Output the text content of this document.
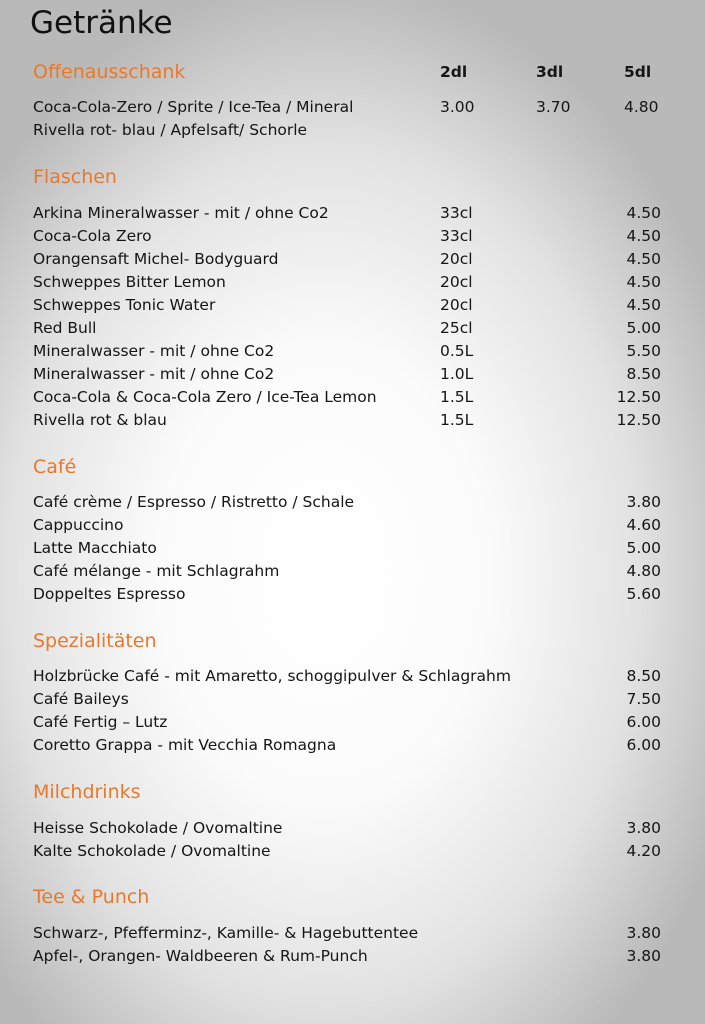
Getränke
Offenausschank	2dl	3dl	5dl
Coca-Cola-Zero / Sprite / Ice-Tea / Mineral	3.00	3.70	4.80
Rivella rot- blau / Apfelsaft/ Schorle
Flaschen
Arkina Mineralwasser - mit / ohne Co2	33cl	4.50
Coca-Cola Zero	33cl	4.50
Orangensaft Michel- Bodyguard	20cl	4.50
Schweppes Bitter Lemon	20cl	4.50
Schweppes Tonic Water	20cl	4.50
Red Bull	25cl	5.00
Mineralwasser - mit / ohne Co2	0.5L	5.50
Mineralwasser - mit / ohne Co2	1.0L	8.50
Coca-Cola & Coca-Cola Zero / Ice-Tea Lemon	1.5L	12.50
Rivella rot & blau	1.5L	12.50
Café
Café crème / Espresso / Ristretto / Schale	3.80
Cappuccino	4.60
Latte Macchiato	5.00
Café mélange - mit Schlagrahm	4.80
Doppeltes Espresso	5.60
Spezialitäten
Holzbrücke Café - mit Amaretto, schoggipulver & Schlagrahm	8.50
Café Baileys	7.50
Café Fertig – Lutz	6.00
Coretto Grappa - mit Vecchia Romagna	6.00
Milchdrinks
Heisse Schokolade / Ovomaltine	3.80
Kalte Schokolade / Ovomaltine	4.20
Tee & Punch
Schwarz-, Pfefferminz-, Kamille- & Hagebuttentee	3.80
Apfel-, Orangen- Waldbeeren & Rum-Punch	3.80
